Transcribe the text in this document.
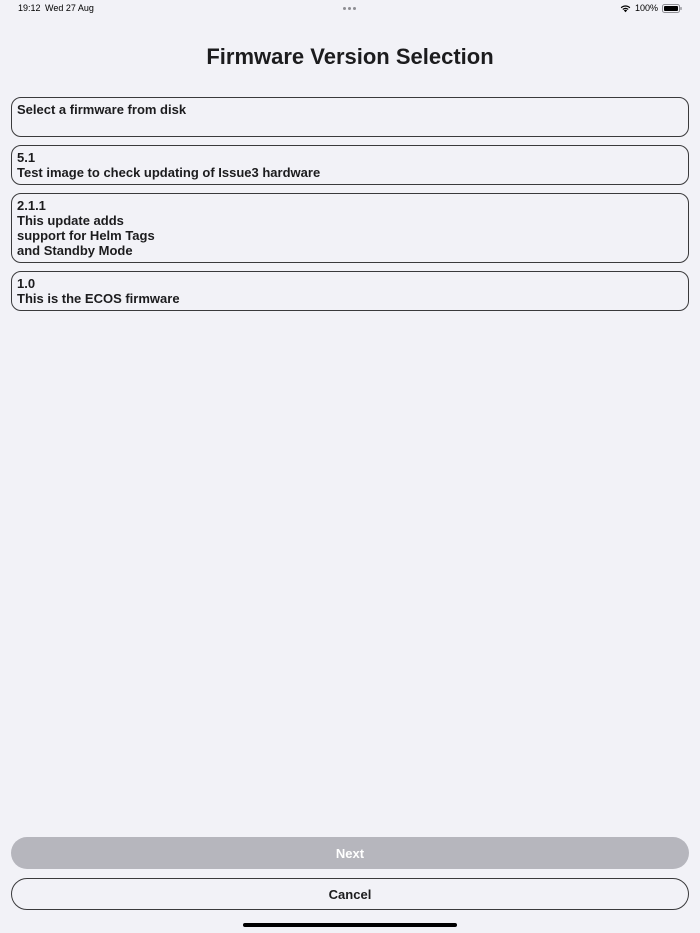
19:12 Wed 27 Aug	100%
Firmware Version Selection
Select a firmware from disk
5.1
Test image to check updating of Issue3 hardware
2.1.1
This update adds
support for Helm Tags
and Standby Mode
1.0
This is the ECOS firmware
Next
Cancel
